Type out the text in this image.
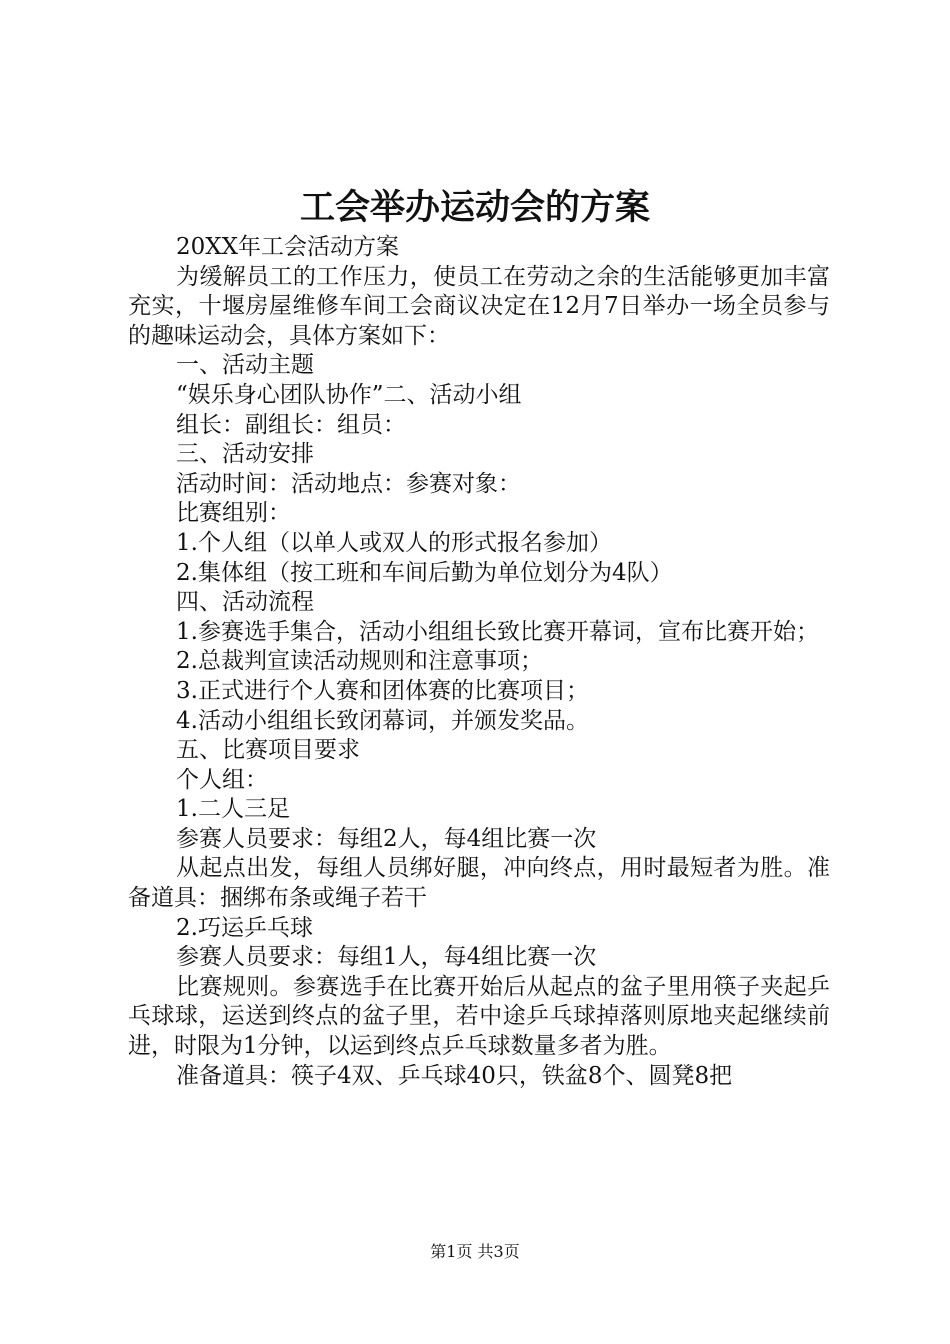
工会举办运动会的方案

20XX年工会活动方案

为缓解员工的工作压力，使员工在劳动之余的生活能够更加丰富充实，十堰房屋维修车间工会商议决定在12月7日举办一场全员参与的趣味运动会，具体方案如下：

一、活动主题

“娱乐身心团队协作”二、活动小组

组长：副组长：组员：

三、活动安排

活动时间：活动地点：参赛对象：

比赛组别：

1.个人组（以单人或双人的形式报名参加）

2.集体组（按工班和车间后勤为单位划分为4队）

四、活动流程

1.参赛选手集合，活动小组组长致比赛开幕词，宣布比赛开始；

2.总裁判宣读活动规则和注意事项；

3.正式进行个人赛和团体赛的比赛项目；

4.活动小组组长致闭幕词，并颁发奖品。

五、比赛项目要求

个人组：

1.二人三足

参赛人员要求：每组2人，每4组比赛一次

从起点出发，每组人员绑好腿，冲向终点，用时最短者为胜。准备道具：捆绑布条或绳子若干

2.巧运乒乓球

参赛人员要求：每组1人，每4组比赛一次

比赛规则。参赛选手在比赛开始后从起点的盆子里用筷子夹起乒乓球球，运送到终点的盆子里，若中途乒乓球掉落则原地夹起继续前进，时限为1分钟，以运到终点乒乓球数量多者为胜。

准备道具：筷子4双、乒乓球40只，铁盆8个、圆凳8把

第1页 共3页
